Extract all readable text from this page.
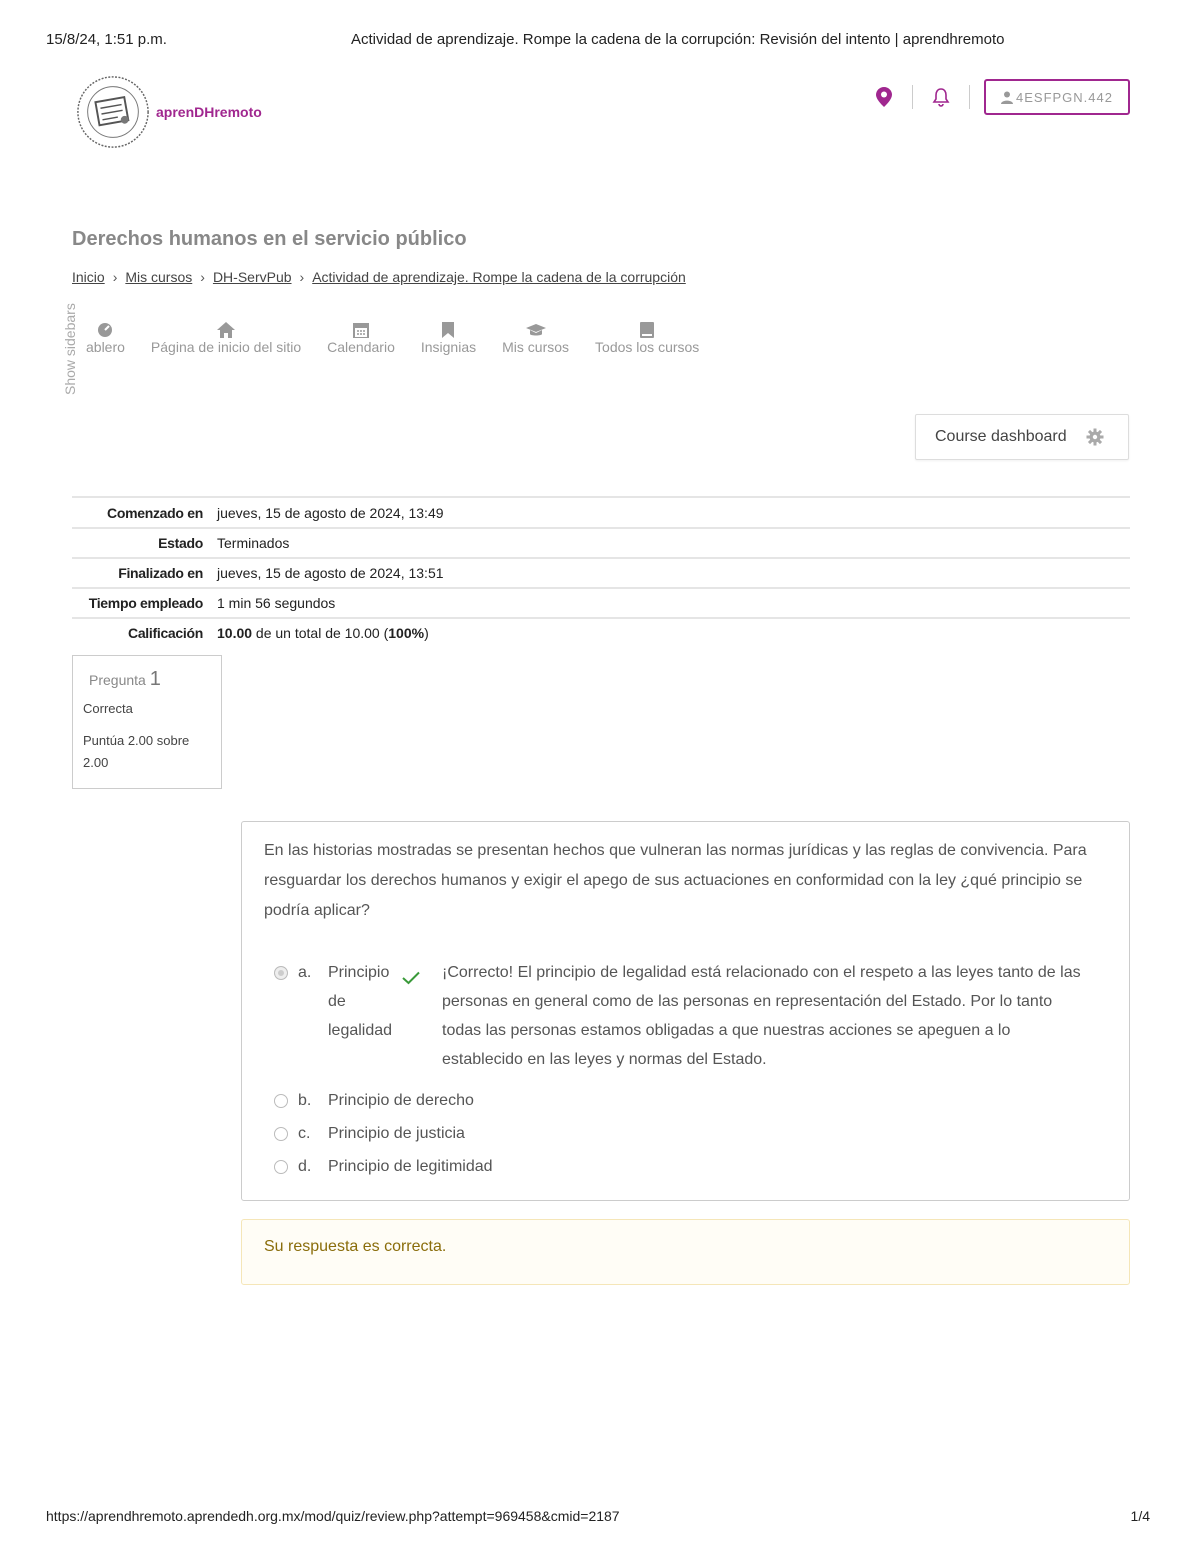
15/8/24, 1:51 p.m.	Actividad de aprendizaje. Rompe la cadena de la corrupción: Revisión del intento | aprendhremoto
aprenDHremoto
4ESFPGN.442
Derechos humanos en el servicio público
Inicio › Mis cursos › DH-ServPub › Actividad de aprendizaje. Rompe la cadena de la corrupción
Show sidebars ablero Página de inicio del sitio Calendario Insignias Mis cursos Todos los cursos
Course dashboard
Comenzado en	jueves, 15 de agosto de 2024, 13:49
Estado	Terminados
Finalizado en	jueves, 15 de agosto de 2024, 13:51
Tiempo empleado	1 min 56 segundos
Calificación	10.00 de un total de 10.00 (100%)
Pregunta 1
Correcta
Puntúa 2.00 sobre 2.00
En las historias mostradas se presentan hechos que vulneran las normas jurídicas y las reglas de convivencia. Para resguardar los derechos humanos y exigir el apego de sus actuaciones en conformidad con la ley ¿qué principio se podría aplicar?
a.	Principio de legalidad
¡Correcto! El principio de legalidad está relacionado con el respeto a las leyes tanto de las personas en general como de las personas en representación del Estado. Por lo tanto todas las personas estamos obligadas a que nuestras acciones se apeguen a lo establecido en las leyes y normas del Estado.
b.	Principio de derecho
c.	Principio de justicia
d.	Principio de legitimidad
Su respuesta es correcta.
https://aprendhremoto.aprendedh.org.mx/mod/quiz/review.php?attempt=969458&cmid=2187	1/4
